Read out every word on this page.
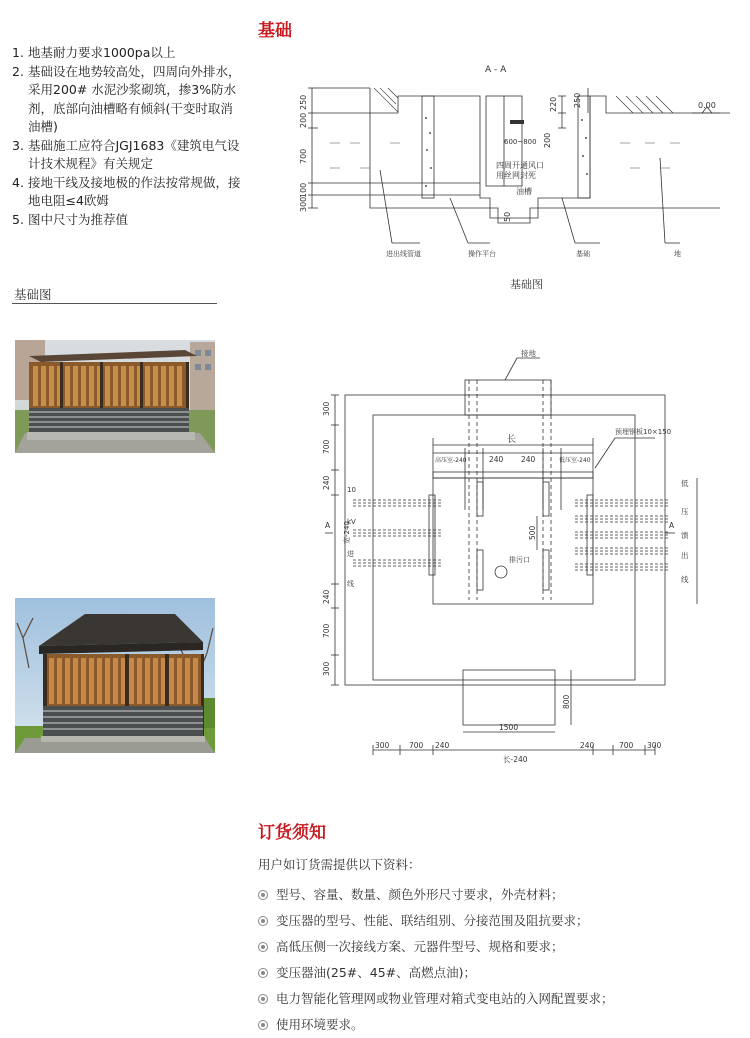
基础
1. 地基耐力要求1000pa以上
2. 基础设在地势较高处，四周向外排水，采用200# 水泥沙浆砌筑，掺3%防水剂，底部向油槽略有倾斜(干变时取消油槽)
3. 基础施工应符合JGJ1683《建筑电气设计技术规程》有关规定
4. 接地干线及接地极的作法按常规做，接地电阻≤4欧姆
5. 图中尺寸为推荐值
基础图
A - A
0.00
250
200
700
100
300
220 250
600~800 200
四周开通风口
用丝网封死
油槽
50
进出线管道	操作平台	基础	地
基础图
接地
长
预埋钢板10×150
高压室-240	低压室-240
240 240
500
排污口
A	A
宽-240
300
700
240
240
700
300
10
kV
进
线
低
压
馈
出
线
300	700 240	240	700 300
长-240
1500
800
订货须知
用户如订货需提供以下资料：
型号、容量、数量、颜色外形尺寸要求，外壳材料；
变压器的型号、性能、联结组别、分接范围及阻抗要求；
高低压侧一次接线方案、元器件型号、规格和要求；
变压器油(25#、45#、高燃点油)；
电力智能化管理网或物业管理对箱式变电站的入网配置要求；
使用环境要求。
